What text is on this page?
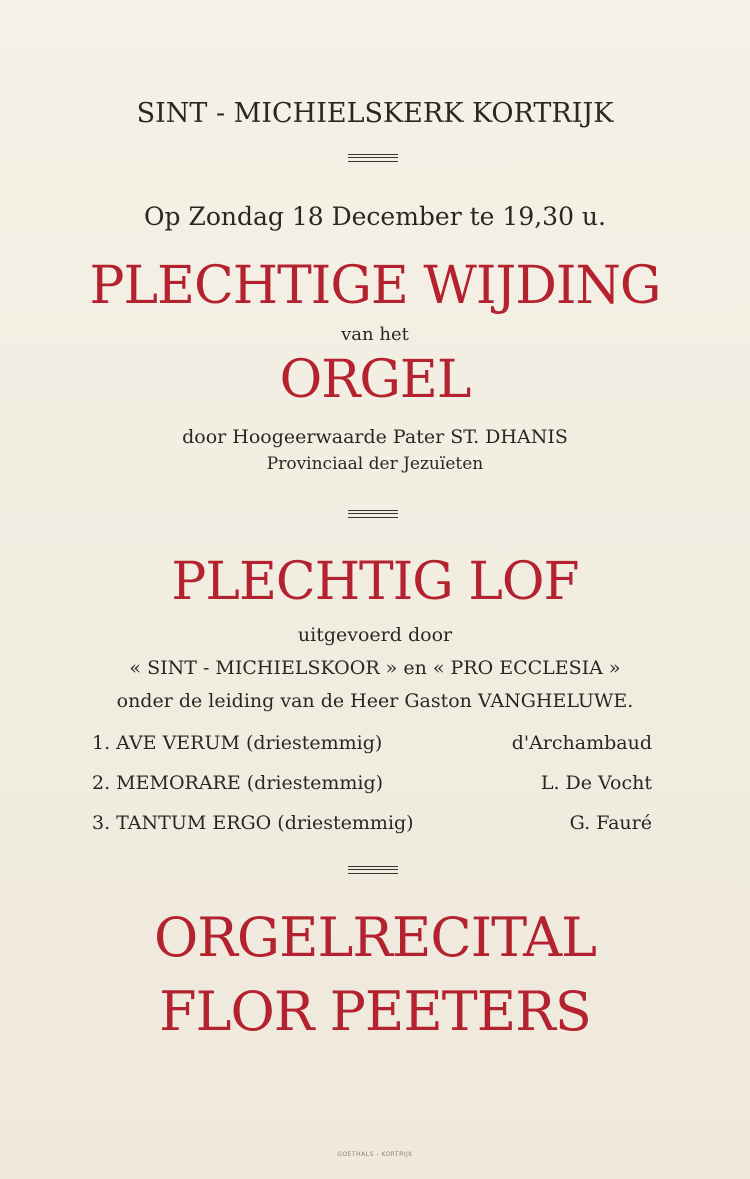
SINT - MICHIELSKERK KORTRIJK
Op Zondag 18 December te 19,30 u.
PLECHTIGE WIJDING
van het
ORGEL
door Hoogeerwaarde Pater ST. DHANIS
Provinciaal der Jezuïeten
PLECHTIG LOF
uitgevoerd door
« SINT - MICHIELSKOOR » en « PRO ECCLESIA »
onder de leiding van de Heer Gaston VANGHELUWE.
1. AVE VERUM (driestemmig)	d'Archambaud
2. MEMORARE (driestemmig)	L. De Vocht
3. TANTUM ERGO (driestemmig)	G. Fauré
ORGELRECITAL
FLOR PEETERS
GOETHALS - KORTRIJK
